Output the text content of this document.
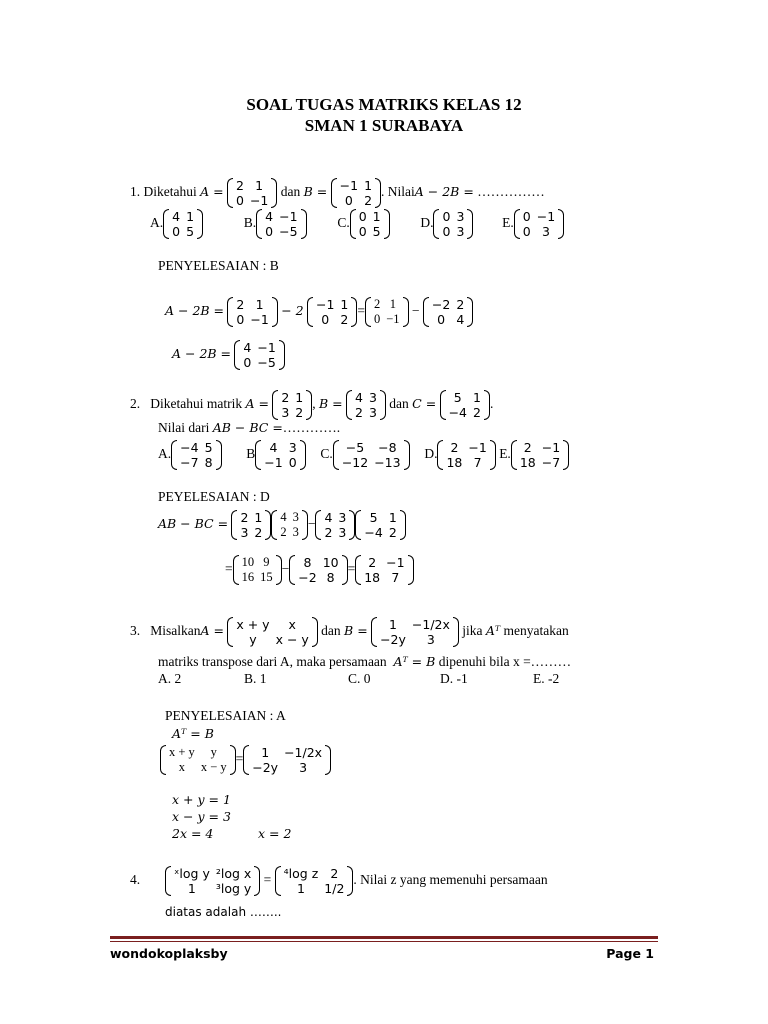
SOAL TUGAS MATRIKS KELAS 12
SMAN 1 SURABAYA
1. Diketahui A = 2	1
0	−1
dan B = −1	1
0	2
. NilaiA − 2B = ……………
A. 4	1
0	5
B. 4	−1
0	−5
C. 0	1
0	5
D. 0	3
0	3
E. 0	−1
0	3
PENYELESAIAN : B
A − 2B = 2	1
0	−1
− 2 −1	1
0	2
= 2	1
0	−1
− −2	2
0	4
A − 2B = 4	−1
0	−5
2. Diketahui matrik A = 2	1
3	2
, B = 4	3
2	3
dan C = 5	1
−4	2
.
Nilai dari AB − BC =………….
A. −4	5
−7	8
B 4	3
−1	0
C. −5	−8
−12	−13
D. 2	−1
18	7
E. 2	−1
18	−7
PEYELESAIAN : D
AB − BC = 2	1
3	2
4	3
2	3
− 4	3
2	3
5	1
−4	2
= 10	9
16	15
− 8	10
−2	8
= 2	−1
18	7
3. MisalkanA = x + y	x
y	x − y
dan B = 1	−1/2x
−2y	3
jika Aᵀ menyatakan
matriks transpose dari A, maka persamaan Aᵀ = B dipenuhi bila x =………
A. 2	B. 1	C. 0	D. -1	E. -2
PENYELESAIAN : A
Aᵀ = B
x + y	y
x	x − y
= 1	−1/2x
−2y	3
x + y = 1
x − y = 3
2x = 4	x = 2
4.	ˣlog y	²log x
1	³log y
= ⁴log z	2
1	1/2
. Nilai z yang memenuhi persamaan
diatas adalah ……..
wondokoplaksby	Page 1
